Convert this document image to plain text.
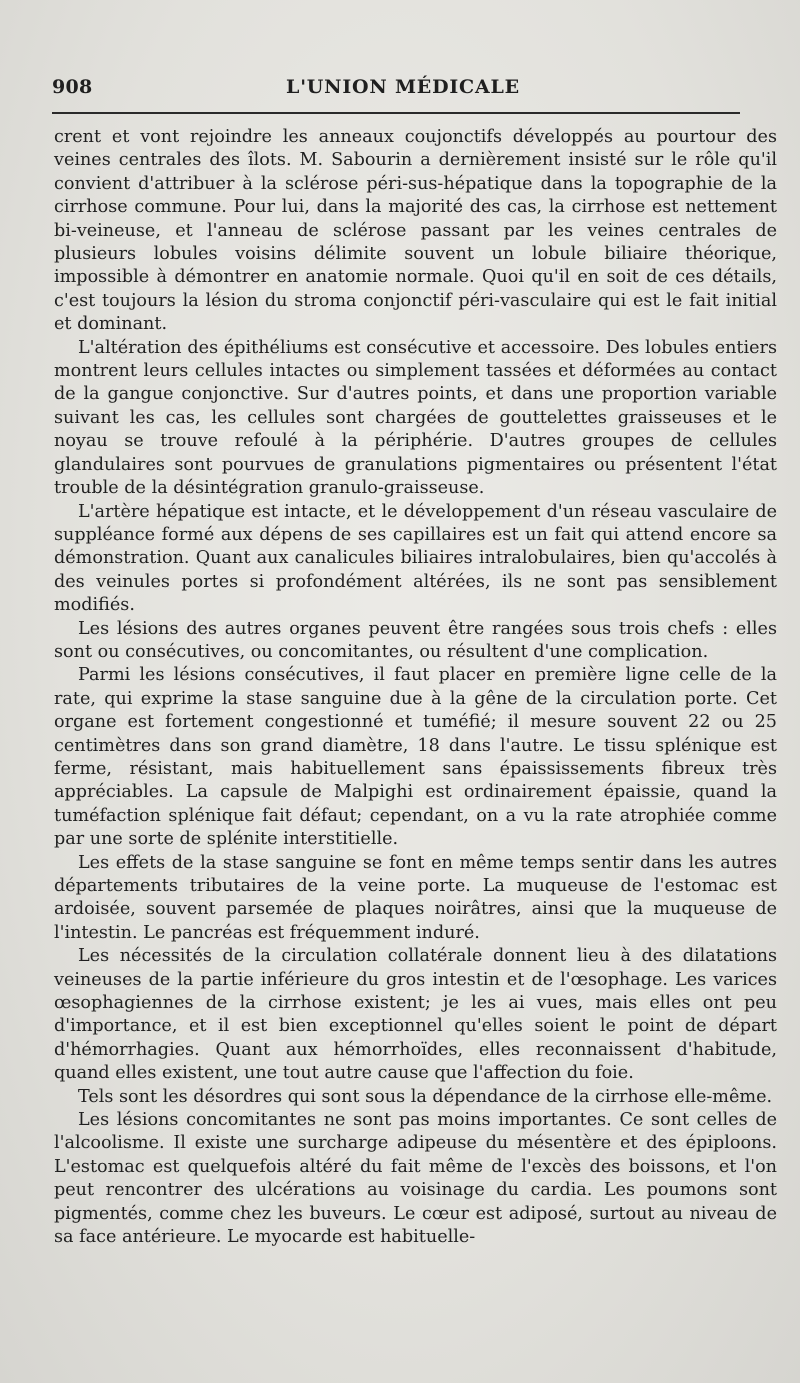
908	L'UNION MÉDICALE

crent et vont rejoindre les anneaux coujonctifs développés au pourtour des veines centrales des îlots. M. Sabourin a dernièrement insisté sur le rôle qu'il convient d'attribuer à la sclérose péri-sus-hépatique dans la topographie de la cirrhose commune. Pour lui, dans la majorité des cas, la cirrhose est nettement bi-veineuse, et l'anneau de sclérose passant par les veines centrales de plusieurs lobules voisins délimite souvent un lobule biliaire théorique, impossible à démontrer en anatomie normale. Quoi qu'il en soit de ces détails, c'est toujours la lésion du stroma conjonctif péri-vasculaire qui est le fait initial et dominant.

L'altération des épithéliums est consécutive et accessoire. Des lobules entiers montrent leurs cellules intactes ou simplement tassées et déformées au contact de la gangue conjonctive. Sur d'autres points, et dans une proportion variable suivant les cas, les cellules sont chargées de gouttelettes graisseuses et le noyau se trouve refoulé à la périphérie. D'autres groupes de cellules glandulaires sont pourvues de granulations pigmentaires ou présentent l'état trouble de la désintégration granulo-graisseuse.

L'artère hépatique est intacte, et le développement d'un réseau vasculaire de suppléance formé aux dépens de ses capillaires est un fait qui attend encore sa démonstration. Quant aux canalicules biliaires intralobulaires, bien qu'accolés à des veinules portes si profondément altérées, ils ne sont pas sensiblement modifiés.

Les lésions des autres organes peuvent être rangées sous trois chefs : elles sont ou consécutives, ou concomitantes, ou résultent d'une complication.

Parmi les lésions consécutives, il faut placer en première ligne celle de la rate, qui exprime la stase sanguine due à la gêne de la circulation porte. Cet organe est fortement congestionné et tuméfié; il mesure souvent 22 ou 25 centimètres dans son grand diamètre, 18 dans l'autre. Le tissu splénique est ferme, résistant, mais habituellement sans épaississements fibreux très appréciables. La capsule de Malpighi est ordinairement épaissie, quand la tuméfaction splénique fait défaut; cependant, on a vu la rate atrophiée comme par une sorte de splénite interstitielle.

Les effets de la stase sanguine se font en même temps sentir dans les autres départements tributaires de la veine porte. La muqueuse de l'estomac est ardoisée, souvent parsemée de plaques noirâtres, ainsi que la muqueuse de l'intestin. Le pancréas est fréquemment induré.

Les nécessités de la circulation collatérale donnent lieu à des dilatations veineuses de la partie inférieure du gros intestin et de l'œsophage. Les varices œsophagiennes de la cirrhose existent; je les ai vues, mais elles ont peu d'importance, et il est bien exceptionnel qu'elles soient le point de départ d'hémorrhagies. Quant aux hémorrhoïdes, elles reconnaissent d'habitude, quand elles existent, une tout autre cause que l'affection du foie.

Tels sont les désordres qui sont sous la dépendance de la cirrhose elle-même.

Les lésions concomitantes ne sont pas moins importantes. Ce sont celles de l'alcoolisme. Il existe une surcharge adipeuse du mésentère et des épiploons. L'estomac est quelquefois altéré du fait même de l'excès des boissons, et l'on peut rencontrer des ulcérations au voisinage du cardia. Les poumons sont pigmentés, comme chez les buveurs. Le cœur est adiposé, surtout au niveau de sa face antérieure. Le myocarde est habituelle-
